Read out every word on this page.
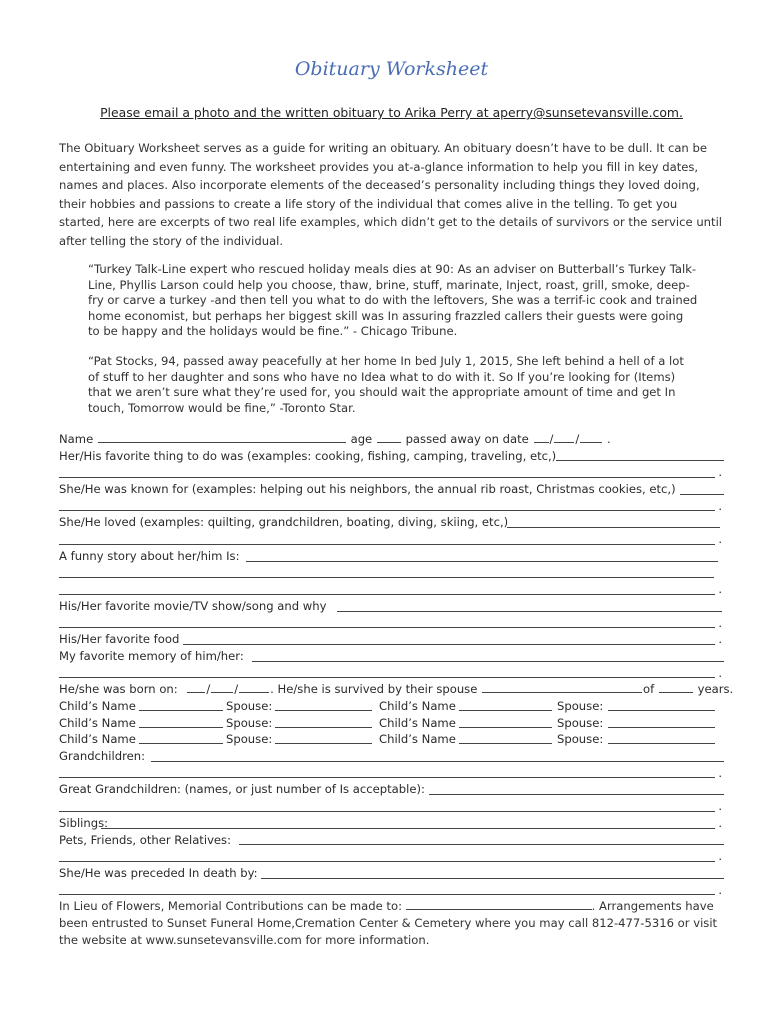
Obituary Worksheet
Please email a photo and the written obituary to Arika Perry at aperry@sunsetevansville.com.
The Obituary Worksheet serves as a guide for writing an obituary. An obituary doesn’t have to be dull. It can be entertaining and even funny. The worksheet provides you at-a-glance information to help you fill in key dates, names and places. Also incorporate elements of the deceased’s personality including things they loved doing, their hobbies and passions to create a life story of the individual that comes alive in the telling. To get you started, here are excerpts of two real life examples, which didn’t get to the details of survivors or the service until after telling the story of the individual.
“Turkey Talk-Line expert who rescued holiday meals dies at 90: As an adviser on Butterball’s Turkey Talk-Line, Phyllis Larson could help you choose, thaw, brine, stuff, marinate, Inject, roast, grill, smoke, deep-fry or carve a turkey -and then tell you what to do with the leftovers, She was a terrif-ic cook and trained home economist, but perhaps her biggest skill was In assuring frazzled callers their guests were going to be happy and the holidays would be fine.” - Chicago Tribune.
“Pat Stocks, 94, passed away peacefully at her home In bed July 1, 2015, She left behind a hell of a lot of stuff to her daughter and sons who have no Idea what to do with it. So If you’re looking for (Items) that we aren’t sure what they’re used for, you should wait the appropriate amount of time and get In touch, Tomorrow would be fine,” -Toronto Star.
Name	age	passed away on date / / .
Her/His favorite thing to do was (examples: cooking, fishing, camping, traveling, etc,)
.
She/He was known for (examples: helping out his neighbors, the annual rib roast, Christmas cookies, etc,)
.
She/He loved (examples: quilting, grandchildren, boating, diving, skiing, etc,)
.
A funny story about her/him Is:
.
His/Her favorite movie/TV show/song and why
.
His/Her favorite food	.
My favorite memory of him/her:
.
He/she was born on: / /	. He/she is survived by their spouse	of	years.
Child’s Name	Spouse:	Child’s Name	Spouse:
Child’s Name	Spouse:	Child’s Name	Spouse:
Child’s Name	Spouse:	Child’s Name	Spouse:
Grandchildren:
.
Great Grandchildren: (names, or just number of Is acceptable):
.
Siblings:	.
Pets, Friends, other Relatives:
.
She/He was preceded In death by:
.
In Lieu of Flowers, Memorial Contributions can be made to:	. Arrangements have been entrusted to Sunset Funeral Home,Cremation Center & Cemetery where you may call 812-477-5316 or visit the website at www.sunsetevansville.com for more information.
